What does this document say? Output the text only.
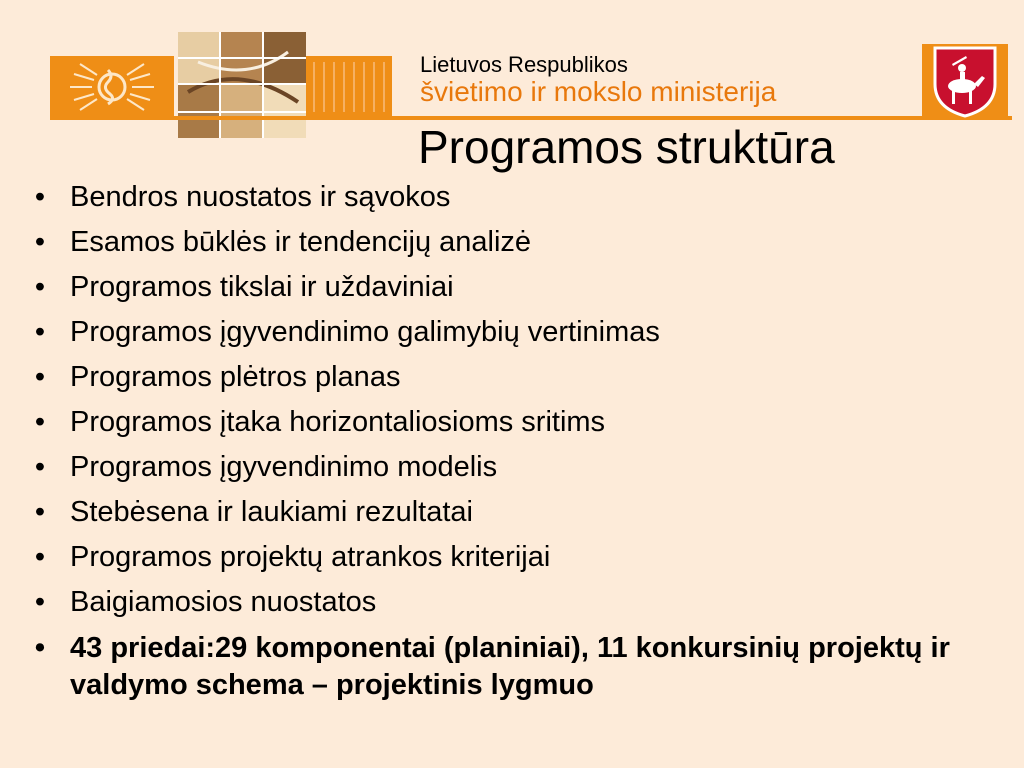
Lietuvos Respublikos
švietimo ir mokslo ministerija
Programos struktūra
• Bendros nuostatos ir sąvokos
• Esamos būklės ir tendencijų analizė
• Programos tikslai ir uždaviniai
• Programos įgyvendinimo galimybių vertinimas
• Programos plėtros planas
• Programos įtaka horizontaliosioms sritims
• Programos įgyvendinimo modelis
• Stebėsena ir laukiami rezultatai
• Programos projektų atrankos kriterijai
• Baigiamosios nuostatos
• 43 priedai:29 komponentai (planiniai), 11 konkursinių projektų ir valdymo schema – projektinis lygmuo
